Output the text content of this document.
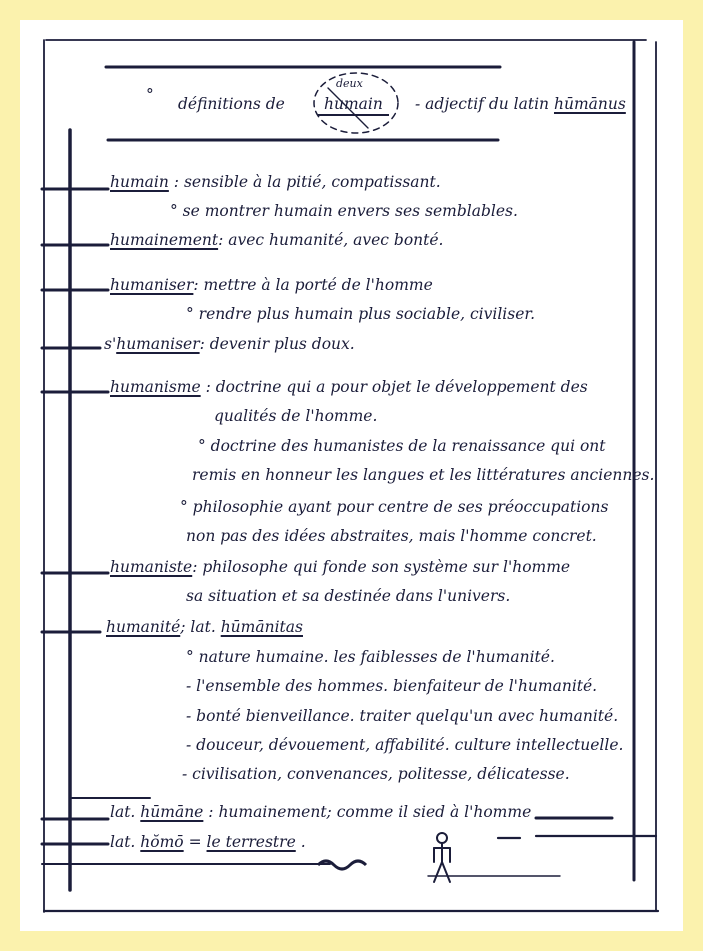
° définitions de
deux
humain	- adjectif du latin hūmānus
humain : sensible à la pitié, compatissant.
° se montrer humain envers ses semblables.
humainement: avec humanité, avec bonté.
humaniser: mettre à la porté de l'homme
° rendre plus humain plus sociable, civiliser.
s'humaniser: devenir plus doux.
humanisme : doctrine qui a pour objet le développement des
qualités de l'homme.
° doctrine des humanistes de la renaissance qui ont
remis en honneur les langues et les littératures anciennes.
° philosophie ayant pour centre de ses préoccupations
non pas des idées abstraites, mais l'homme concret.
humaniste: philosophe qui fonde son système sur l'homme
sa situation et sa destinée dans l'univers.
humanité; lat. hūmānitas
° nature humaine. les faiblesses de l'humanité.
- l'ensemble des hommes. bienfaiteur de l'humanité.
- bonté bienveillance. traiter quelqu'un avec humanité.
- douceur, dévouement, affabilité. culture intellectuelle.
- civilisation, convenances, politesse, délicatesse.
lat. hūmāne : humainement; comme il sied à l'homme
lat. hŏmō = le terrestre .
